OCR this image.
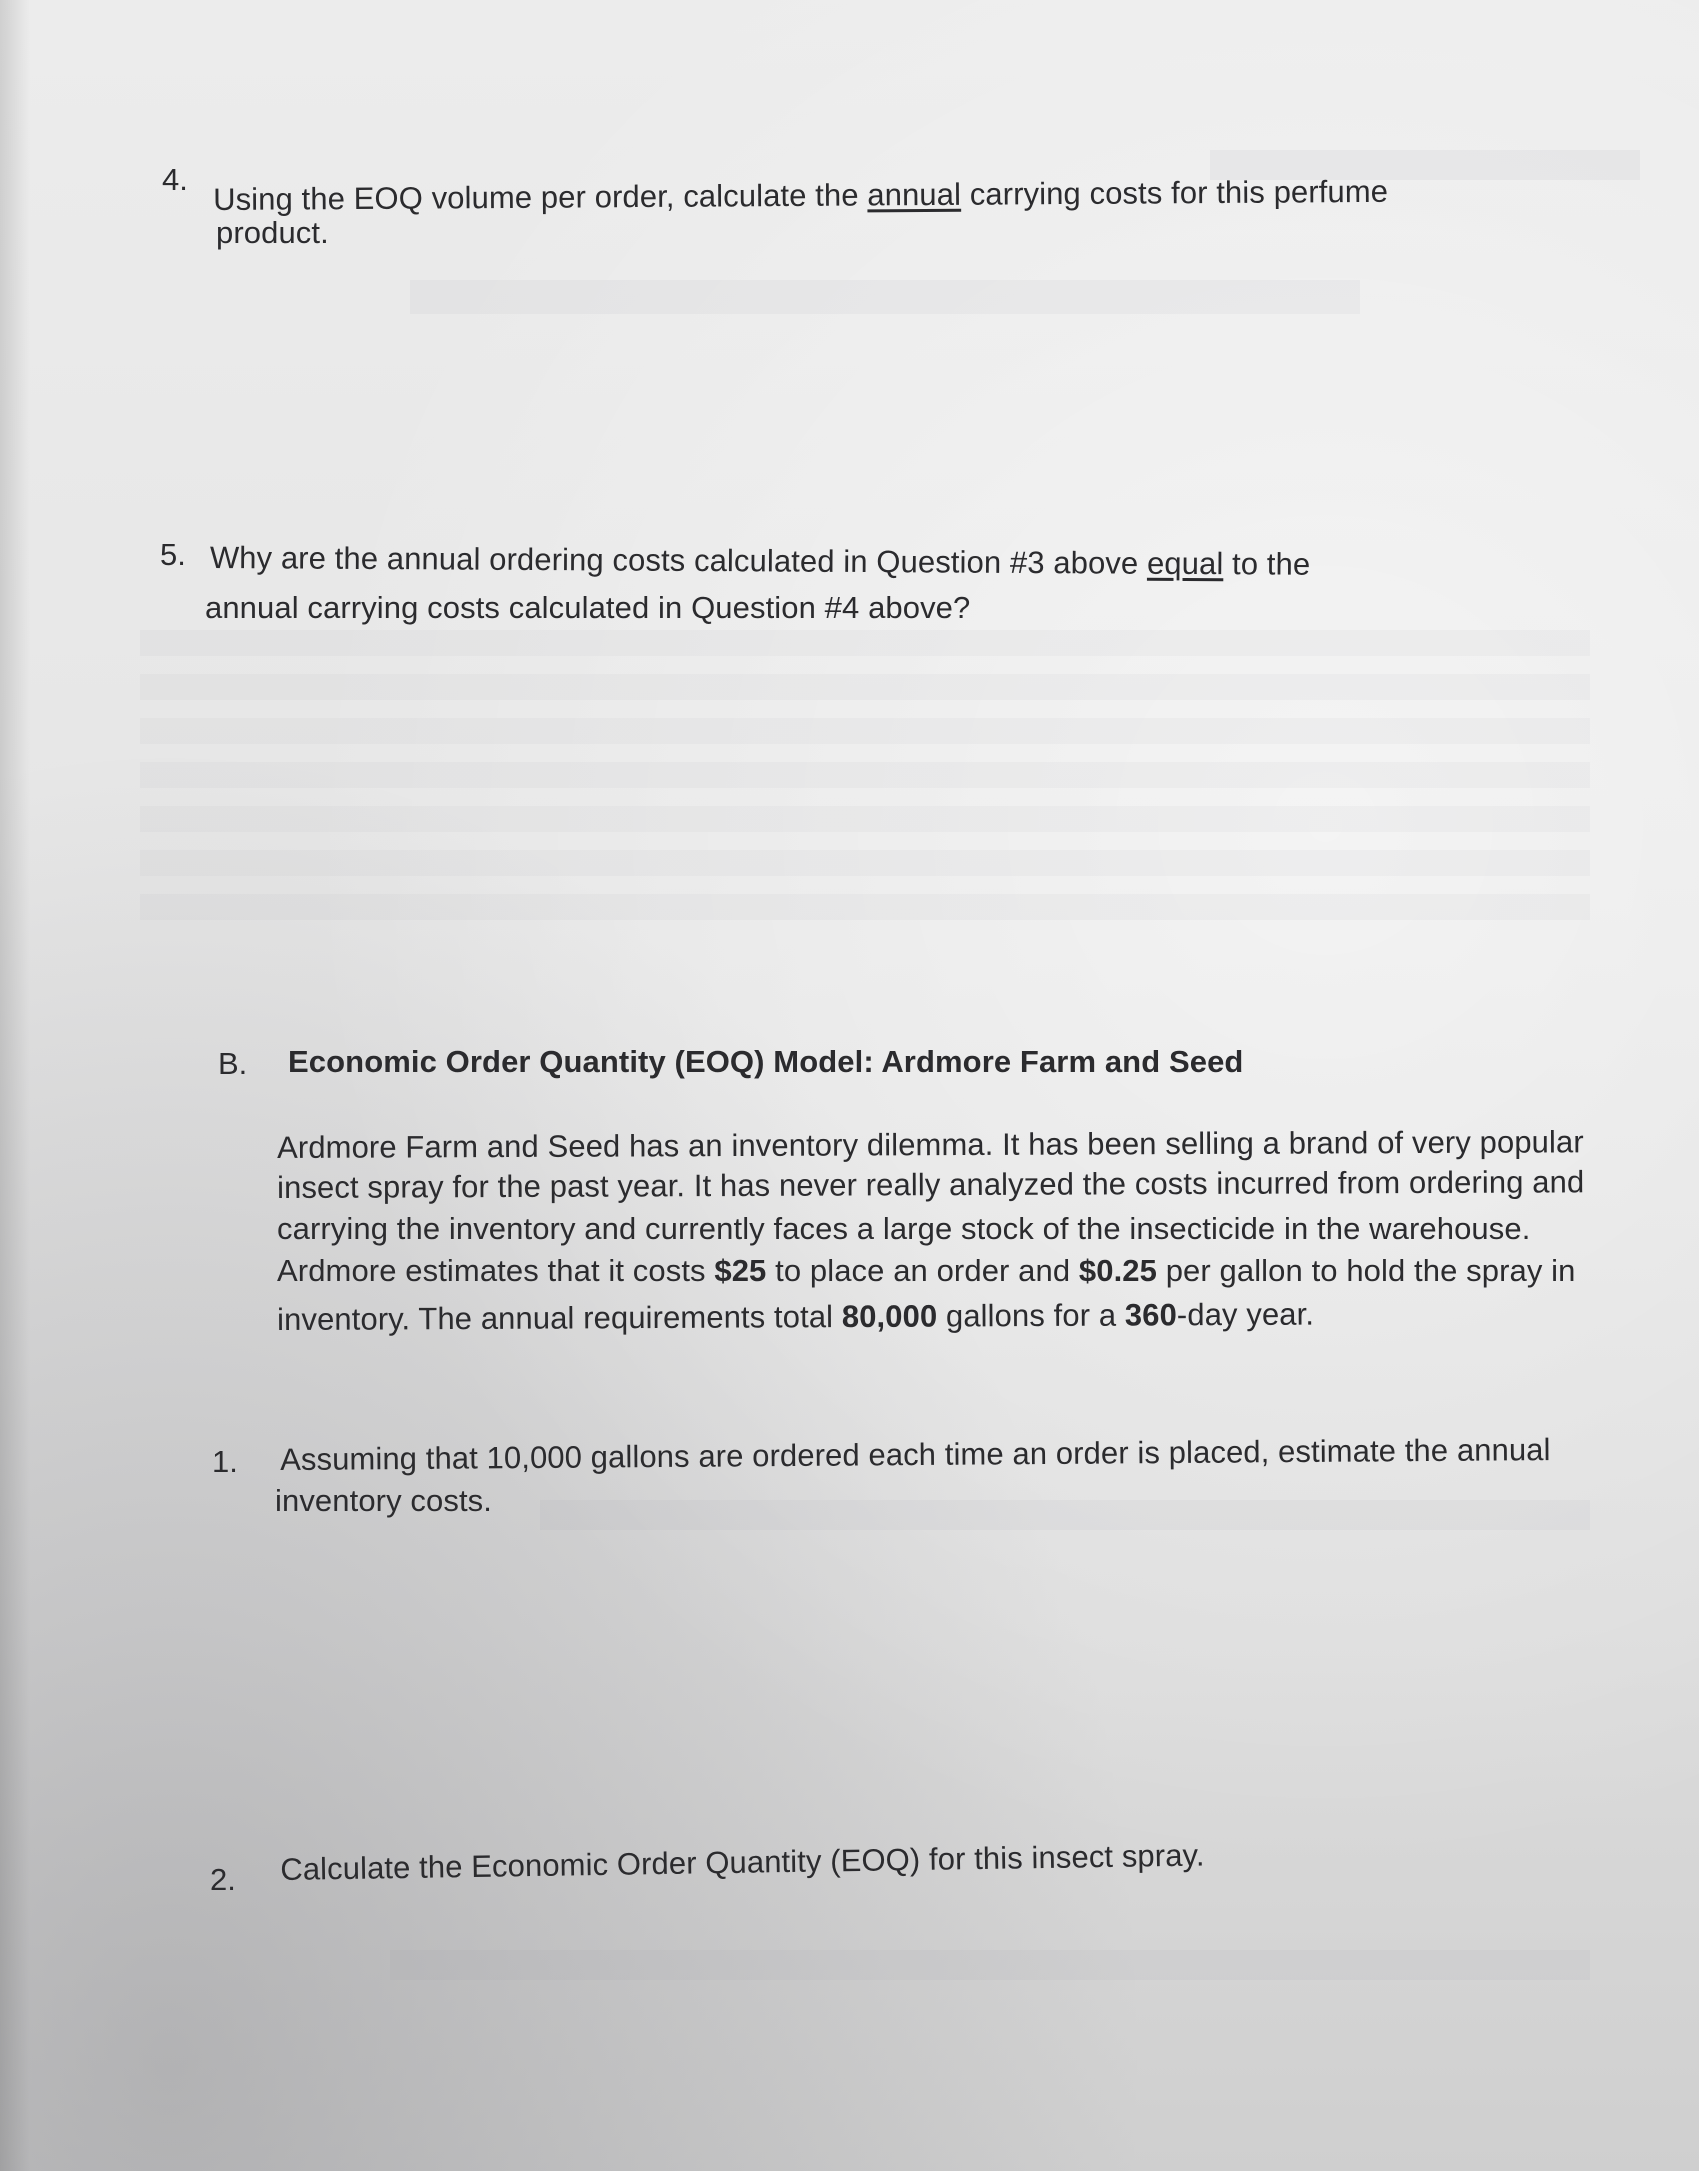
4. Using the EOQ volume per order, calculate the annual carrying costs for this perfume
product.
5. Why are the annual ordering costs calculated in Question #3 above equal to the
annual carrying costs calculated in Question #4 above?
B. Economic Order Quantity (EOQ) Model: Ardmore Farm and Seed
Ardmore Farm and Seed has an inventory dilemma. It has been selling a brand of very popular
insect spray for the past year. It has never really analyzed the costs incurred from ordering and
carrying the inventory and currently faces a large stock of the insecticide in the warehouse.
Ardmore estimates that it costs $25 to place an order and $0.25 per gallon to hold the spray in
inventory. The annual requirements total 80,000 gallons for a 360-day year.
1. Assuming that 10,000 gallons are ordered each time an order is placed, estimate the annual
inventory costs.
2. Calculate the Economic Order Quantity (EOQ) for this insect spray.
